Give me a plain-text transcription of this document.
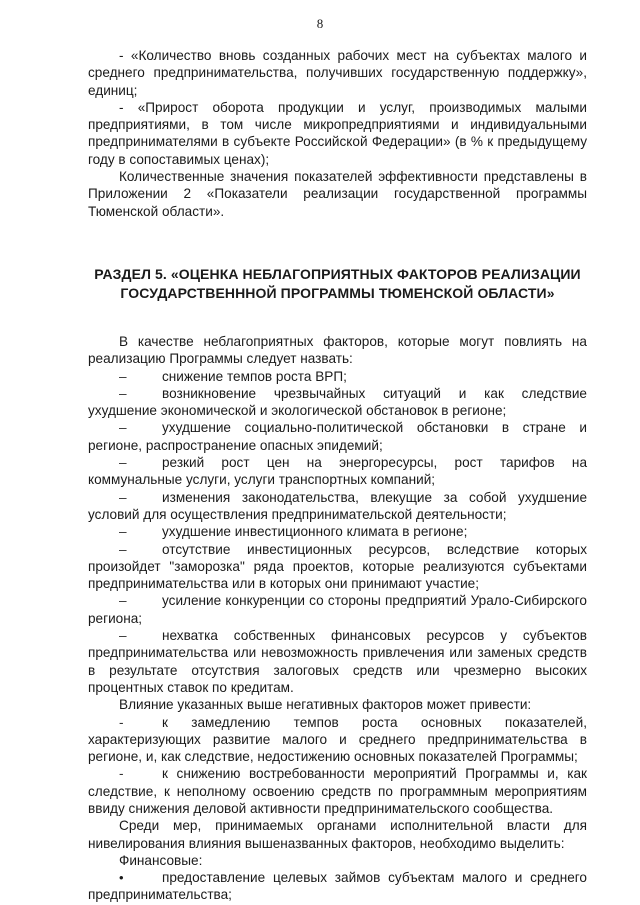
8

- «Количество вновь созданных рабочих мест на субъектах малого и среднего предпринимательства, получивших государственную поддержку», единиц;

- «Прирост оборота продукции и услуг, производимых малыми предприятиями, в том числе микропредприятиями и индивидуальными предпринимателями в субъекте Российской Федерации» (в % к предыдущему году в сопоставимых ценах);

Количественные значения показателей эффективности представлены в Приложении 2 «Показатели реализации государственной программы Тюменской области».

РАЗДЕЛ 5. «ОЦЕНКА НЕБЛАГОПРИЯТНЫХ ФАКТОРОВ РЕАЛИЗАЦИИ ГОСУДАРСТВЕНННОЙ ПРОГРАММЫ ТЮМЕНСКОЙ ОБЛАСТИ»

В качестве неблагоприятных факторов, которые могут повлиять на реализацию Программы следует назвать:

–	снижение темпов роста ВРП;

–	возникновение чрезвычайных ситуаций и как следствие ухудшение экономической и экологической обстановок в регионе;

–	ухудшение социально-политической обстановки в стране и регионе, распространение опасных эпидемий;

–	резкий рост цен на энергоресурсы, рост тарифов на коммунальные услуги, услуги транспортных компаний;

–	изменения законодательства, влекущие за собой ухудшение условий для осуществления предпринимательской деятельности;

–	ухудшение инвестиционного климата в регионе;

–	отсутствие инвестиционных ресурсов, вследствие которых произойдет "заморозка" ряда проектов, которые реализуются субъектами предпринимательства или в которых они принимают участие;

–	усиление конкуренции со стороны предприятий Урало-Сибирского региона;

–	нехватка собственных финансовых ресурсов у субъектов предпринимательства или невозможность привлечения или заменых средств в результате отсутствия залоговых средств или чрезмерно высоких процентных ставок по кредитам.

Влияние указанных выше негативных факторов может привести:

-	к замедлению темпов роста основных показателей, характеризующих развитие малого и среднего предпринимательства в регионе, и, как следствие, недостижению основных показателей Программы;

-	к снижению востребованности мероприятий Программы и, как следствие, к неполному освоению средств по программным мероприятиям ввиду снижения деловой активности предпринимательского сообщества.

Среди мер, принимаемых органами исполнительной власти для нивелирования влияния вышеназванных факторов, необходимо выделить:

Финансовые:

•	предоставление целевых займов субъектам малого и среднего предпринимательства;
